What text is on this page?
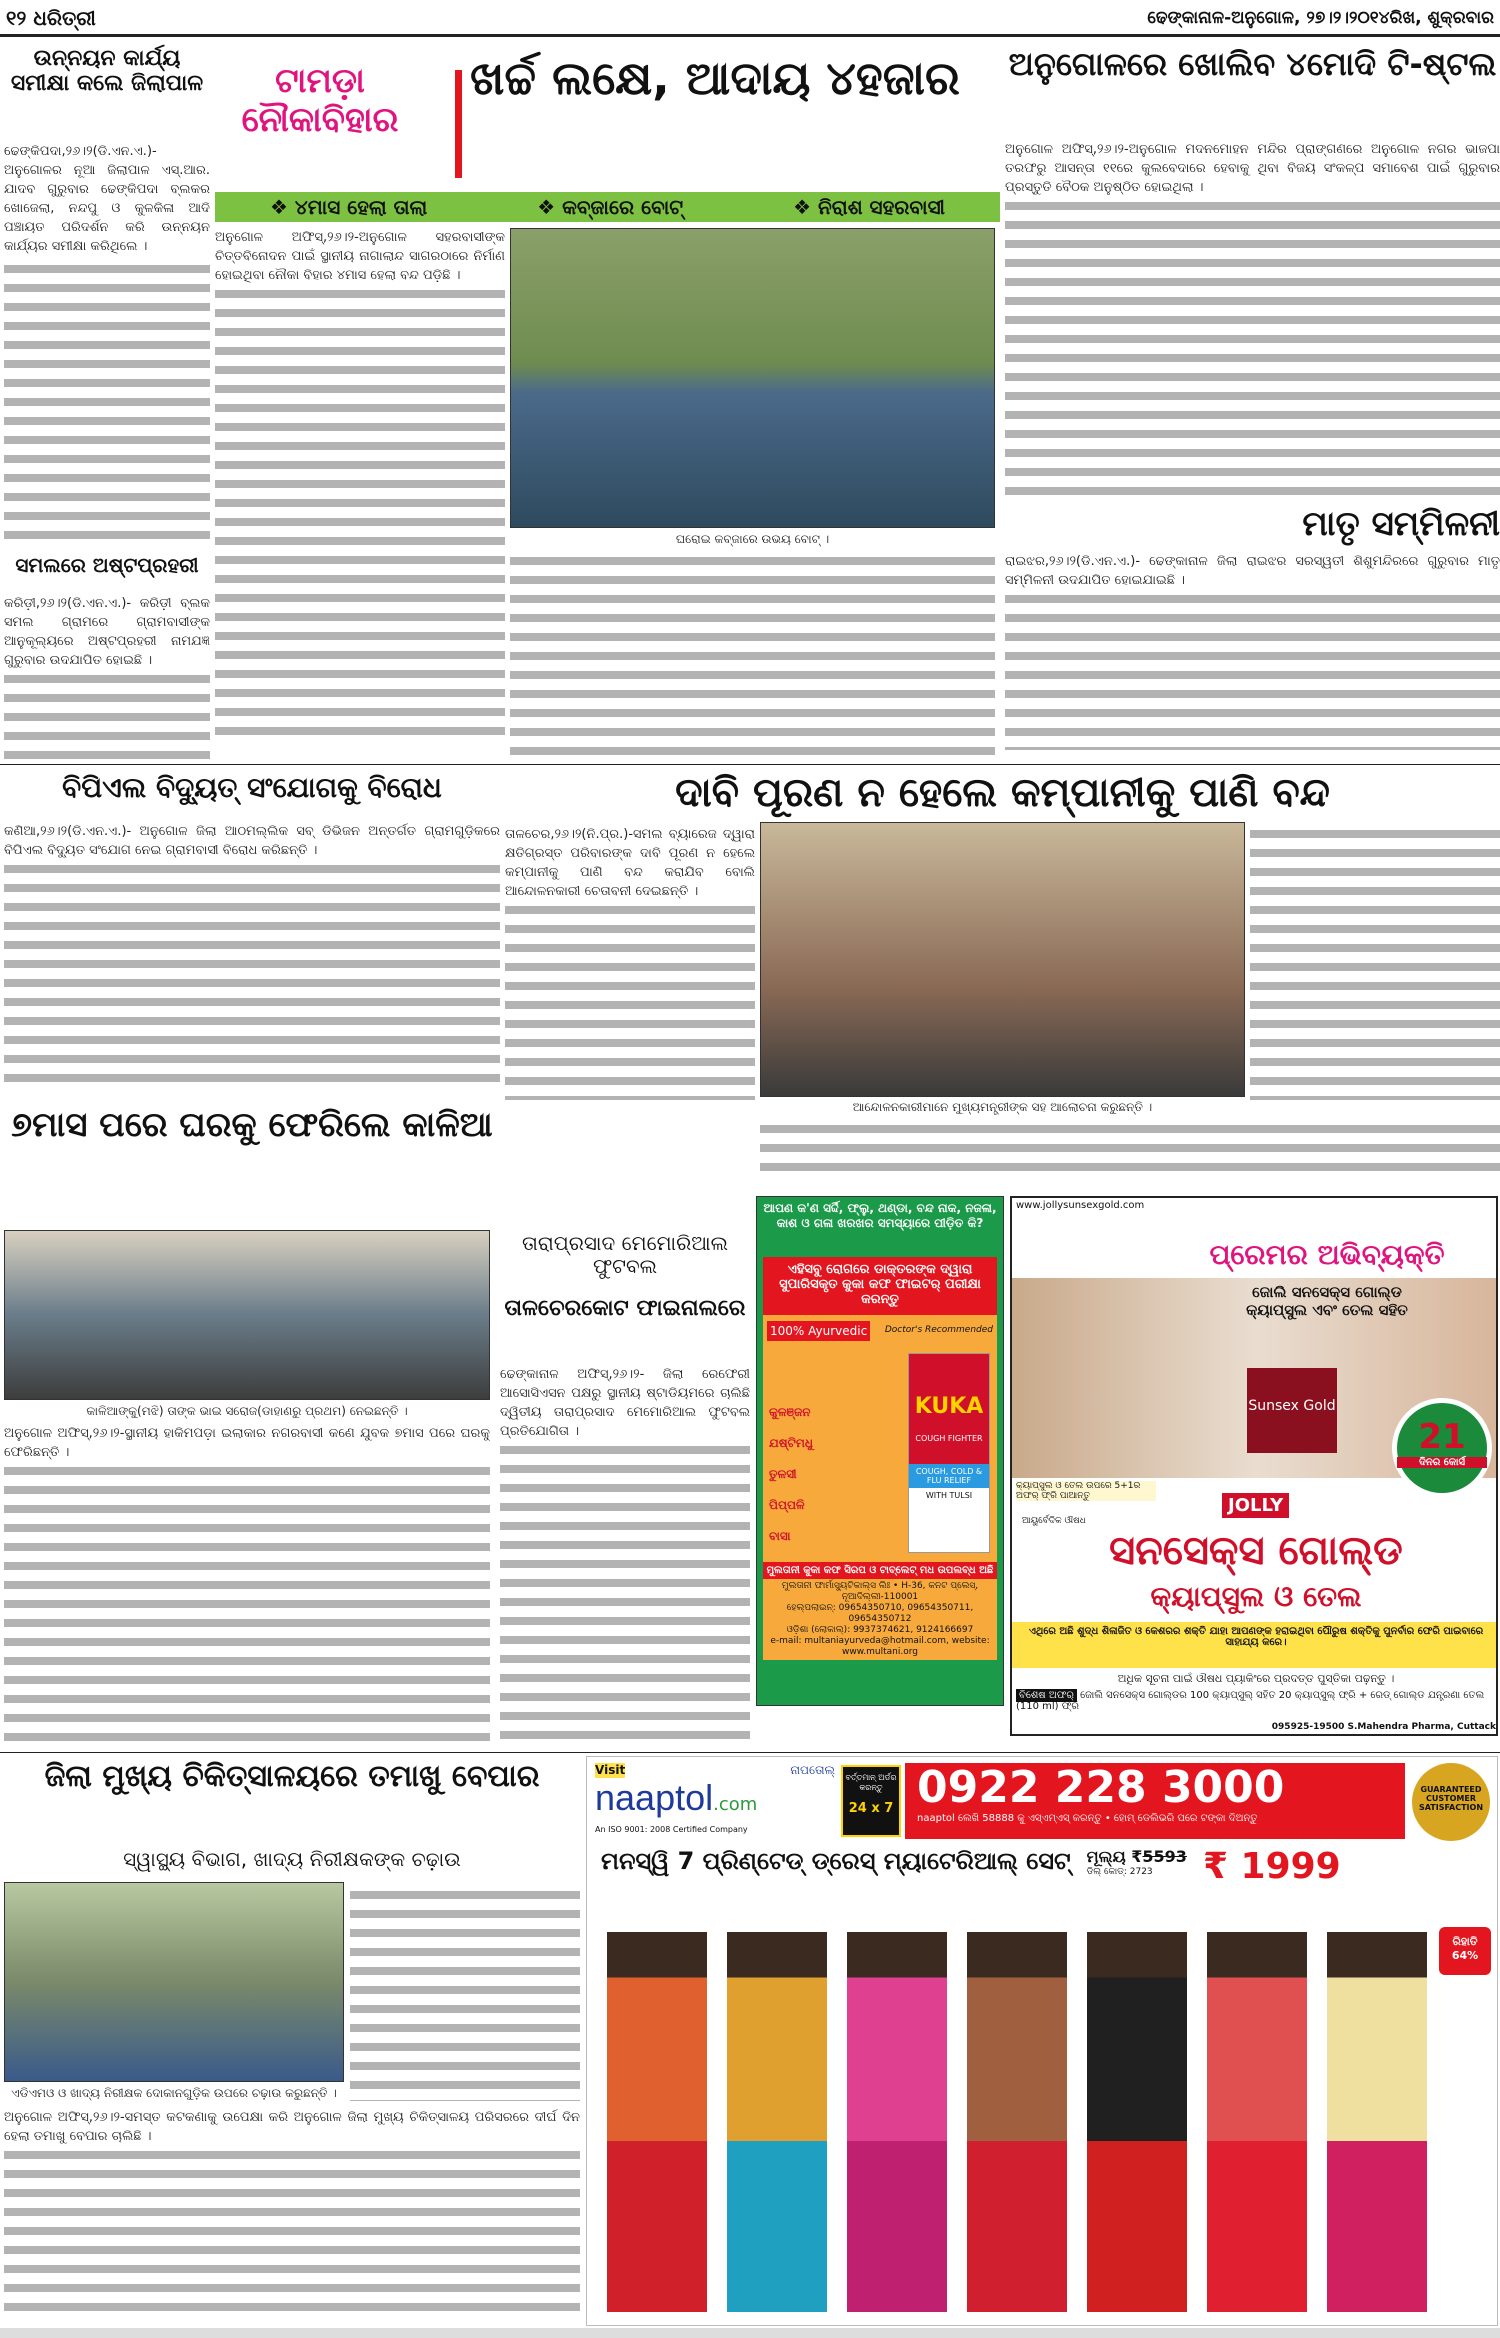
୧୨ ଧରିତ୍ରୀ	ଢେଙ୍କାନାଳ-ଅନୁଗୋଳ, ୨୭।୨।୨୦୧୪ରିଖ, ଶୁକ୍ରବାର
ଉନ୍ନୟନ କାର୍ଯ୍ୟ ସମୀକ୍ଷା କଲେ ଜିଲାପାଳ
ଢେଙ୍କିପଦା,୨୬।୨(ଡି.ଏନ.ଏ.)- ଅନୁଗୋଳର ନୂଆ ଜିଲାପାଳ ଏସ୍.ଆର. ଯାଦବ ଗୁରୁବାର ଢେଙ୍କିପଦା ବ୍ଲକର ଖୋଜେଲା, ନନ୍ଦପୁ ଓ କୁଳକିଳା ଆଦି ପଞ୍ଚାୟତ ପରିଦର୍ଶନ କରି ଉନ୍ନୟନ କାର୍ଯ୍ୟର ସମୀକ୍ଷା କରିଥିଲେ ।
ସମଲରେ ଅଷ୍ଟପ୍ରହରୀ
କରିଡ଼ୀ,୨୬।୨(ଡି.ଏନ.ଏ.)- କରିଡ଼ୀ ବ୍ଲକ ସମଲ ଗ୍ରାମରେ ଗ୍ରାମବାସୀଙ୍କ ଆନୁକୂଲ୍ୟରେ ଅଷ୍ଟପ୍ରହରୀ ନାମଯଜ୍ଞ ଗୁରୁବାର ଉଦଯାପିତ ହୋଇଛି ।
ଟାମଡ଼ା ନୌକାବିହାର
ଖର୍ଚ୍ଚ ଲକ୍ଷେ, ଆଦାୟ ୪ହଜାର
❖ ୪ମାସ ହେଲା ତାଲା	❖ କବ୍ଜାରେ ବୋଟ୍	❖ ନିରାଶ ସହରବାସୀ
ଅନୁଗୋଳ ଅଫିସ୍,୨୬।୨-ଅନୁଗୋଳ ସହରବାସୀଙ୍କ ଚିତ୍ତବିନୋଦନ ପାଇଁ ସ୍ଥାନୀୟ ନାଗାଲାନ୍ଦ ସାଗରଠାରେ ନିର୍ମାଣ ହୋଇଥିବା ନୌକା ବିହାର ୪ମାସ ହେଲା ବନ୍ଦ ପଡ଼ିଛି ।
ଘରୋଇ କବ୍ଜାରେ ଉଭୟ ବୋଟ୍ ।
ଅନୁଗୋଳରେ ଖୋଲିବ ୪ମୋଦି ଟି-ଷ୍ଟଲ
ଅନୁଗୋଳ ଅଫିସ୍,୨୬।୨-ଅନୁଗୋଳ ମଦନମୋହନ ମନ୍ଦିର ପ୍ରାଙ୍ଗଣରେ ଅନୁଗୋଳ ନଗର ଭାଜପା ତରଫରୁ ଆସନ୍ତା ୧୧ରେ କୁଲବେଦାରେ ହେବାକୁ ଥିବା ବିଜୟ ସଂକଳ୍ପ ସମାବେଶ ପାଇଁ ଗୁରୁବାର ପ୍ରସ୍ତୁତି ବୈଠକ ଅନୁଷ୍ଠିତ ହୋଇଥିଲା ।
ମାତୃ ସମ୍ମିଳନୀ
ରାଇଝର,୨୬।୨(ଡି.ଏନ.ଏ.)- ଢେଙ୍କାନାଳ ଜିଲା ରାଇଝର ସରସ୍ୱତୀ ଶିଶୁମନ୍ଦିରରେ ଗୁରୁବାର ମାତୃ ସମ୍ମିଳନୀ ଉଦଯାପିତ ହୋଇଯାଇଛି ।
ବିପିଏଲ ବିଦ୍ୟୁତ୍ ସଂଯୋଗକୁ ବିରୋଧ
କଣିଆ,୨୬।୨(ଡି.ଏନ.ଏ.)- ଅନୁଗୋଳ ଜିଲା ଆଠମଲ୍ଲିକ ସବ୍ ଡିଭିଜନ ଅନ୍ତର୍ଗତ ଗ୍ରାମଗୁଡ଼ିକରେ ବିପିଏଲ ବିଦ୍ୟୁତ ସଂଯୋଗ ନେଇ ଗ୍ରାମବାସୀ ବିରୋଧ କରିଛନ୍ତି ।
ଦାବି ପୂରଣ ନ ହେଲେ କମ୍ପାନୀକୁ ପାଣି ବନ୍ଦ
ତାଳଚେର,୨୬।୨(ନି.ପ୍ର.)-ସମଲ ବ୍ୟାରେଜ ଦ୍ୱାରା କ୍ଷତିଗ୍ରସ୍ତ ପରିବାରଙ୍କ ଦାବି ପୂରଣ ନ ହେଲେ କମ୍ପାନୀକୁ ପାଣି ବନ୍ଦ କରାଯିବ ବୋଲି ଆନ୍ଦୋଳନକାରୀ ଚେତାବନୀ ଦେଇଛନ୍ତି ।
ଆନ୍ଦୋଳନକାରୀମାନେ ମୁଖ୍ୟମନ୍ତ୍ରୀଙ୍କ ସହ ଆଲୋଚନା କରୁଛନ୍ତି ।
୭ମାସ ପରେ ଘରକୁ ଫେରିଲେ କାଳିଆ
କାଳିଆଙ୍କୁ(ମଝି) ତାଙ୍କ ଭାଇ ସରୋଜ(ଡାହାଣରୁ ପ୍ରଥମ) ନେଇଛନ୍ତି ।
ଅନୁଗୋଳ ଅଫିସ୍,୨୬।୨-ସ୍ଥାନୀୟ ହାକିମପଡ଼ା ଇଲାକାର ନଗରବାସୀ କଣେ ଯୁବକ ୭ମାସ ପରେ ଘରକୁ ଫେରିଛନ୍ତି ।
ତାରାପ୍ରସାଦ ମେମୋରିଆଲ ଫୁଟବଲ
ତାଳଚେରକୋଟ ଫାଇନାଲରେ
ଢେଙ୍କାନାଳ ଅଫିସ୍,୨୬।୨- ଜିଲା ରେଫେରୀ ଆସୋସିଏସନ ପକ୍ଷରୁ ସ୍ଥାନୀୟ ଷ୍ଟାଡିୟମରେ ଚାଲିଛି ଦ୍ୱିତୀୟ ତାରାପ୍ରସାଦ ମେମୋରିଆଲ ଫୁଟବଲ ପ୍ରତିଯୋଗିତା ।
ଆପଣ କ'ଣ ସର୍ଦ୍ଦି, ଫ୍ଲୁ, ଥଣ୍ଡା, ବନ୍ଦ ନାକ, ନଜଳା, କାଶ ଓ ଗଳା ଖରଖର ସମସ୍ୟାରେ ପୀଡ଼ିତ କି?
ଏହିସବୁ ରୋଗରେ ଡାକ୍ତରଙ୍କ ଦ୍ୱାରା ସୁପାରିସକୃତ କୁକା କଫ ଫାଇଟର୍ ପରୀକ୍ଷା କରନ୍ତୁ
100% Ayurvedic	Doctor's Recommended
କୁଳଞ୍ଜନ
ଯଷ୍ଟିମଧୁ
ତୁଳସୀ
ପିପ୍ପଳି
ବାସା
KUKA
COUGH FIGHTER
COUGH, COLD & FLU RELIEF
WITH TULSI
ମୁଲତାନୀ କୁକା କଫ ସିରପ ଓ ଟାବ୍ଲେଟ୍ ମଧ ଉପଲବ୍ଧ ଅଛି
ମୁଲତାନୀ ଫାର୍ମାସ୍ୟୁଟିକାଲ୍ସ ଲିଃ • H-36, କନଟ ପ୍ଲେସ୍, ନୂଆଦିଲ୍ଲୀ-110001
ହେଲ୍ପଲାଇନ୍: 09654350710, 09654350711, 09654350712
ଓଡ଼ିଶା (ଲୋକାଲ୍): 9937374621, 9124166697
e-mail: multaniayurveda@hotmail.com, website: www.multani.org
www.jollysunsexgold.com
ପ୍ରେମର ଅଭିବ୍ୟକ୍ତି
ଜୋଲି ସନସେକ୍ସ ଗୋଲ୍ଡ କ୍ୟାପ୍ସୁଲ ଏବଂ ତେଲ ସହିତ
Sunsex Gold
21
ଦିନର କୋର୍ସ
କ୍ୟାପ୍ସୁଲ ଓ ତେଲ ଉପରେ 5+1ର ଅଫର୍ ଫ୍ରି ପାଆନ୍ତୁ	JOLLY
ଆୟୁର୍ବେଦିକ ଔଷଧ
ସନସେକ୍ସ ଗୋଲ୍ଡ
କ୍ୟାପ୍ସୁଲ ଓ ତେଲ
ଏଥିରେ ଅଛି ଶୁଦ୍ଧ ଶିଳାଜିତ ଓ କେଶରର ଶକ୍ତି ଯାହା ଆପଣଙ୍କ ହରାଇଥିବା ପୌରୁଷ ଶକ୍ତିକୁ ପୁନର୍ବାର ଫେରି ପାଇବାରେ ସାହାଯ୍ୟ କରେ।
ଅଧିକ ସୂଚନା ପାଇଁ ଔଷଧ ପ୍ୟାକିଂରେ ପ୍ରଦତ୍ତ ପୁସ୍ତିକା ପଢ଼ନ୍ତୁ ।
ବିଶେଷ ଅଫର୍ ଜୋଲି ସନସେକ୍ସ ଗୋଲ୍ଡର 100 କ୍ୟାପ୍ସୁଲ୍ ସହିତ 20 କ୍ୟାପ୍ସୁଲ୍ ଫ୍ରି + ରେଡ୍ ଗୋଲ୍ଡ ଯନ୍ତ୍ରଣା ତେଲ (110 ml) ଫ୍ରି
095925-19500 S.Mahendra Pharma, Cuttack
ଜିଲା ମୁଖ୍ୟ ଚିକିତ୍ସାଳୟରେ ତମାଖୁ ବେପାର
ସ୍ୱାସ୍ଥ୍ୟ ବିଭାଗ, ଖାଦ୍ୟ ନିରୀକ୍ଷକଙ୍କ ଚଢ଼ାଉ
ଏଡିଏମଓ ଓ ଖାଦ୍ୟ ନିରୀକ୍ଷକ ଦୋକାନଗୁଡ଼ିକ ଉପରେ ଚଢ଼ାଉ କରୁଛନ୍ତି ।
ଅନୁଗୋଳ ଅଫିସ୍,୨୬।୨-ସମସ୍ତ କଟକଣାକୁ ଉପେକ୍ଷା କରି ଅନୁଗୋଳ ଜିଲା ମୁଖ୍ୟ ଚିକିତ୍ସାଳୟ ପରିସରରେ ଦୀର୍ଘ ଦିନ ହେଲା ତମାଖୁ ବେପାର ଚାଲିଛି ।
Visit	ନାପତୋଲ୍
naaptol.com
An ISO 9001: 2008 Certified Company
ବର୍ତ୍ତମାନ୍ ଅର୍ଡର କରନ୍ତୁ
24 x 7 0922 228 3000
naaptol ଲେଖି 58888 କୁ ଏସ୍ଏମ୍ଏସ୍ କରନ୍ତୁ • ହୋମ୍ ଡେଲିଭରି ପରେ ଟଙ୍କା ଦିଅନ୍ତୁ
GUARANTEED CUSTOMER SATISFACTION
ମନସ୍ୱି 7 ପ୍ରିଣ୍ଟେଡ୍ ଡ୍ରେସ୍ ମ୍ୟାଟେରିଆଲ୍ ସେଟ୍ ମୂଲ୍ୟ ₹5593
ଡିଲ୍ କୋଡ୍: 2723	₹ 1999
ରିହାତି 64%
